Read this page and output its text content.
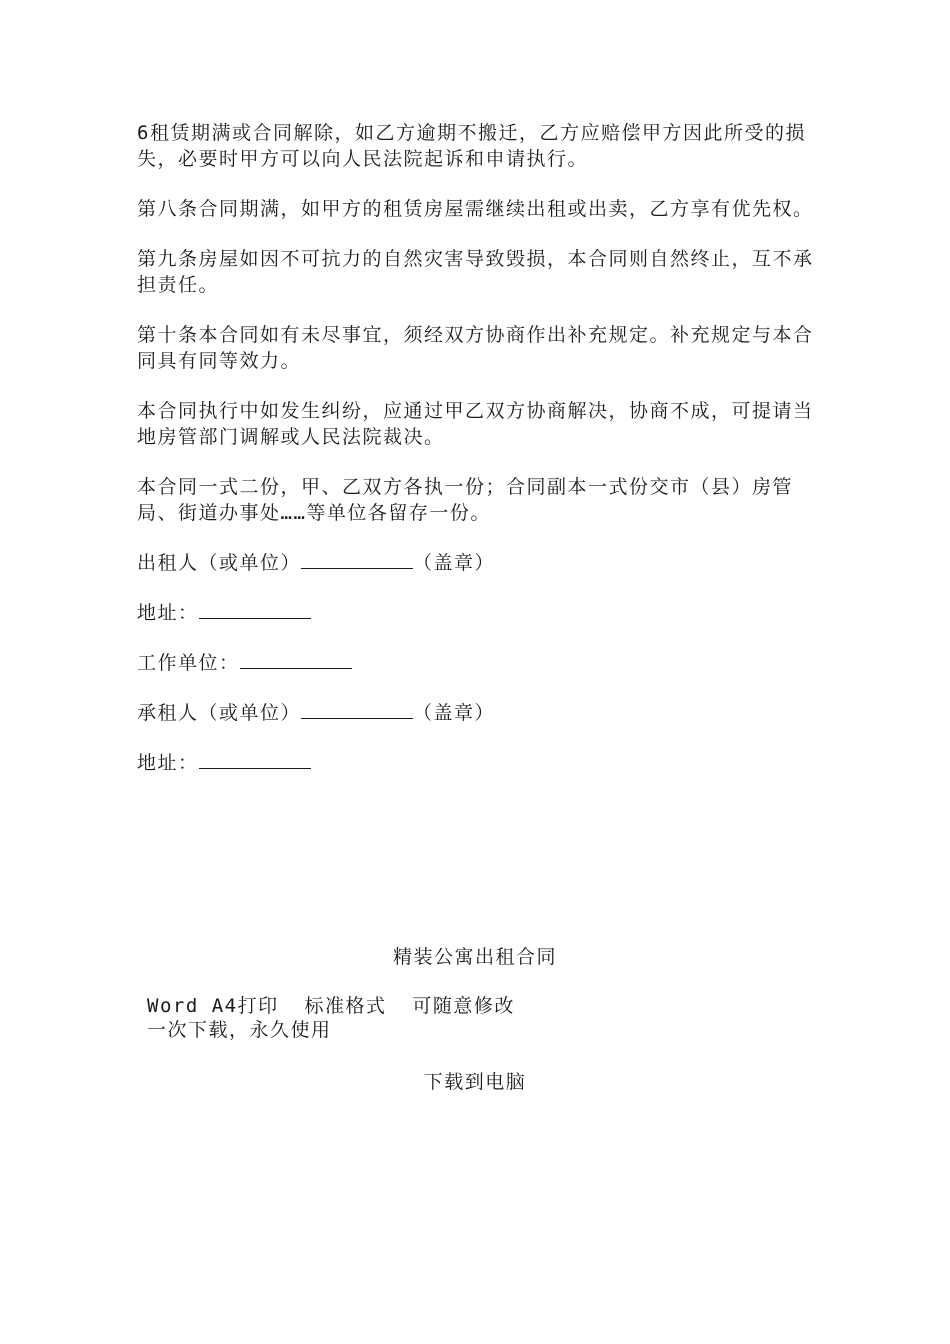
6租赁期满或合同解除，如乙方逾期不搬迁，乙方应赔偿甲方因此所受的损失，必要时甲方可以向人民法院起诉和申请执行。

第八条合同期满，如甲方的租赁房屋需继续出租或出卖，乙方享有优先权。

第九条房屋如因不可抗力的自然灾害导致毁损，本合同则自然终止，互不承担责任。

第十条本合同如有未尽事宜，须经双方协商作出补充规定。补充规定与本合同具有同等效力。

本合同执行中如发生纠纷，应通过甲乙双方协商解决，协商不成，可提请当地房管部门调解或人民法院裁决。

本合同一式二份，甲、乙双方各执一份；合同副本一式份交市（县）房管局、街道办事处……等单位各留存一份。

出租人（或单位）	（盖章）
地址：
工作单位：
承租人（或单位）	（盖章）
地址：
精装公寓出租合同
Word A4打印  标准格式  可随意修改
一次下载，永久使用
下载到电脑
